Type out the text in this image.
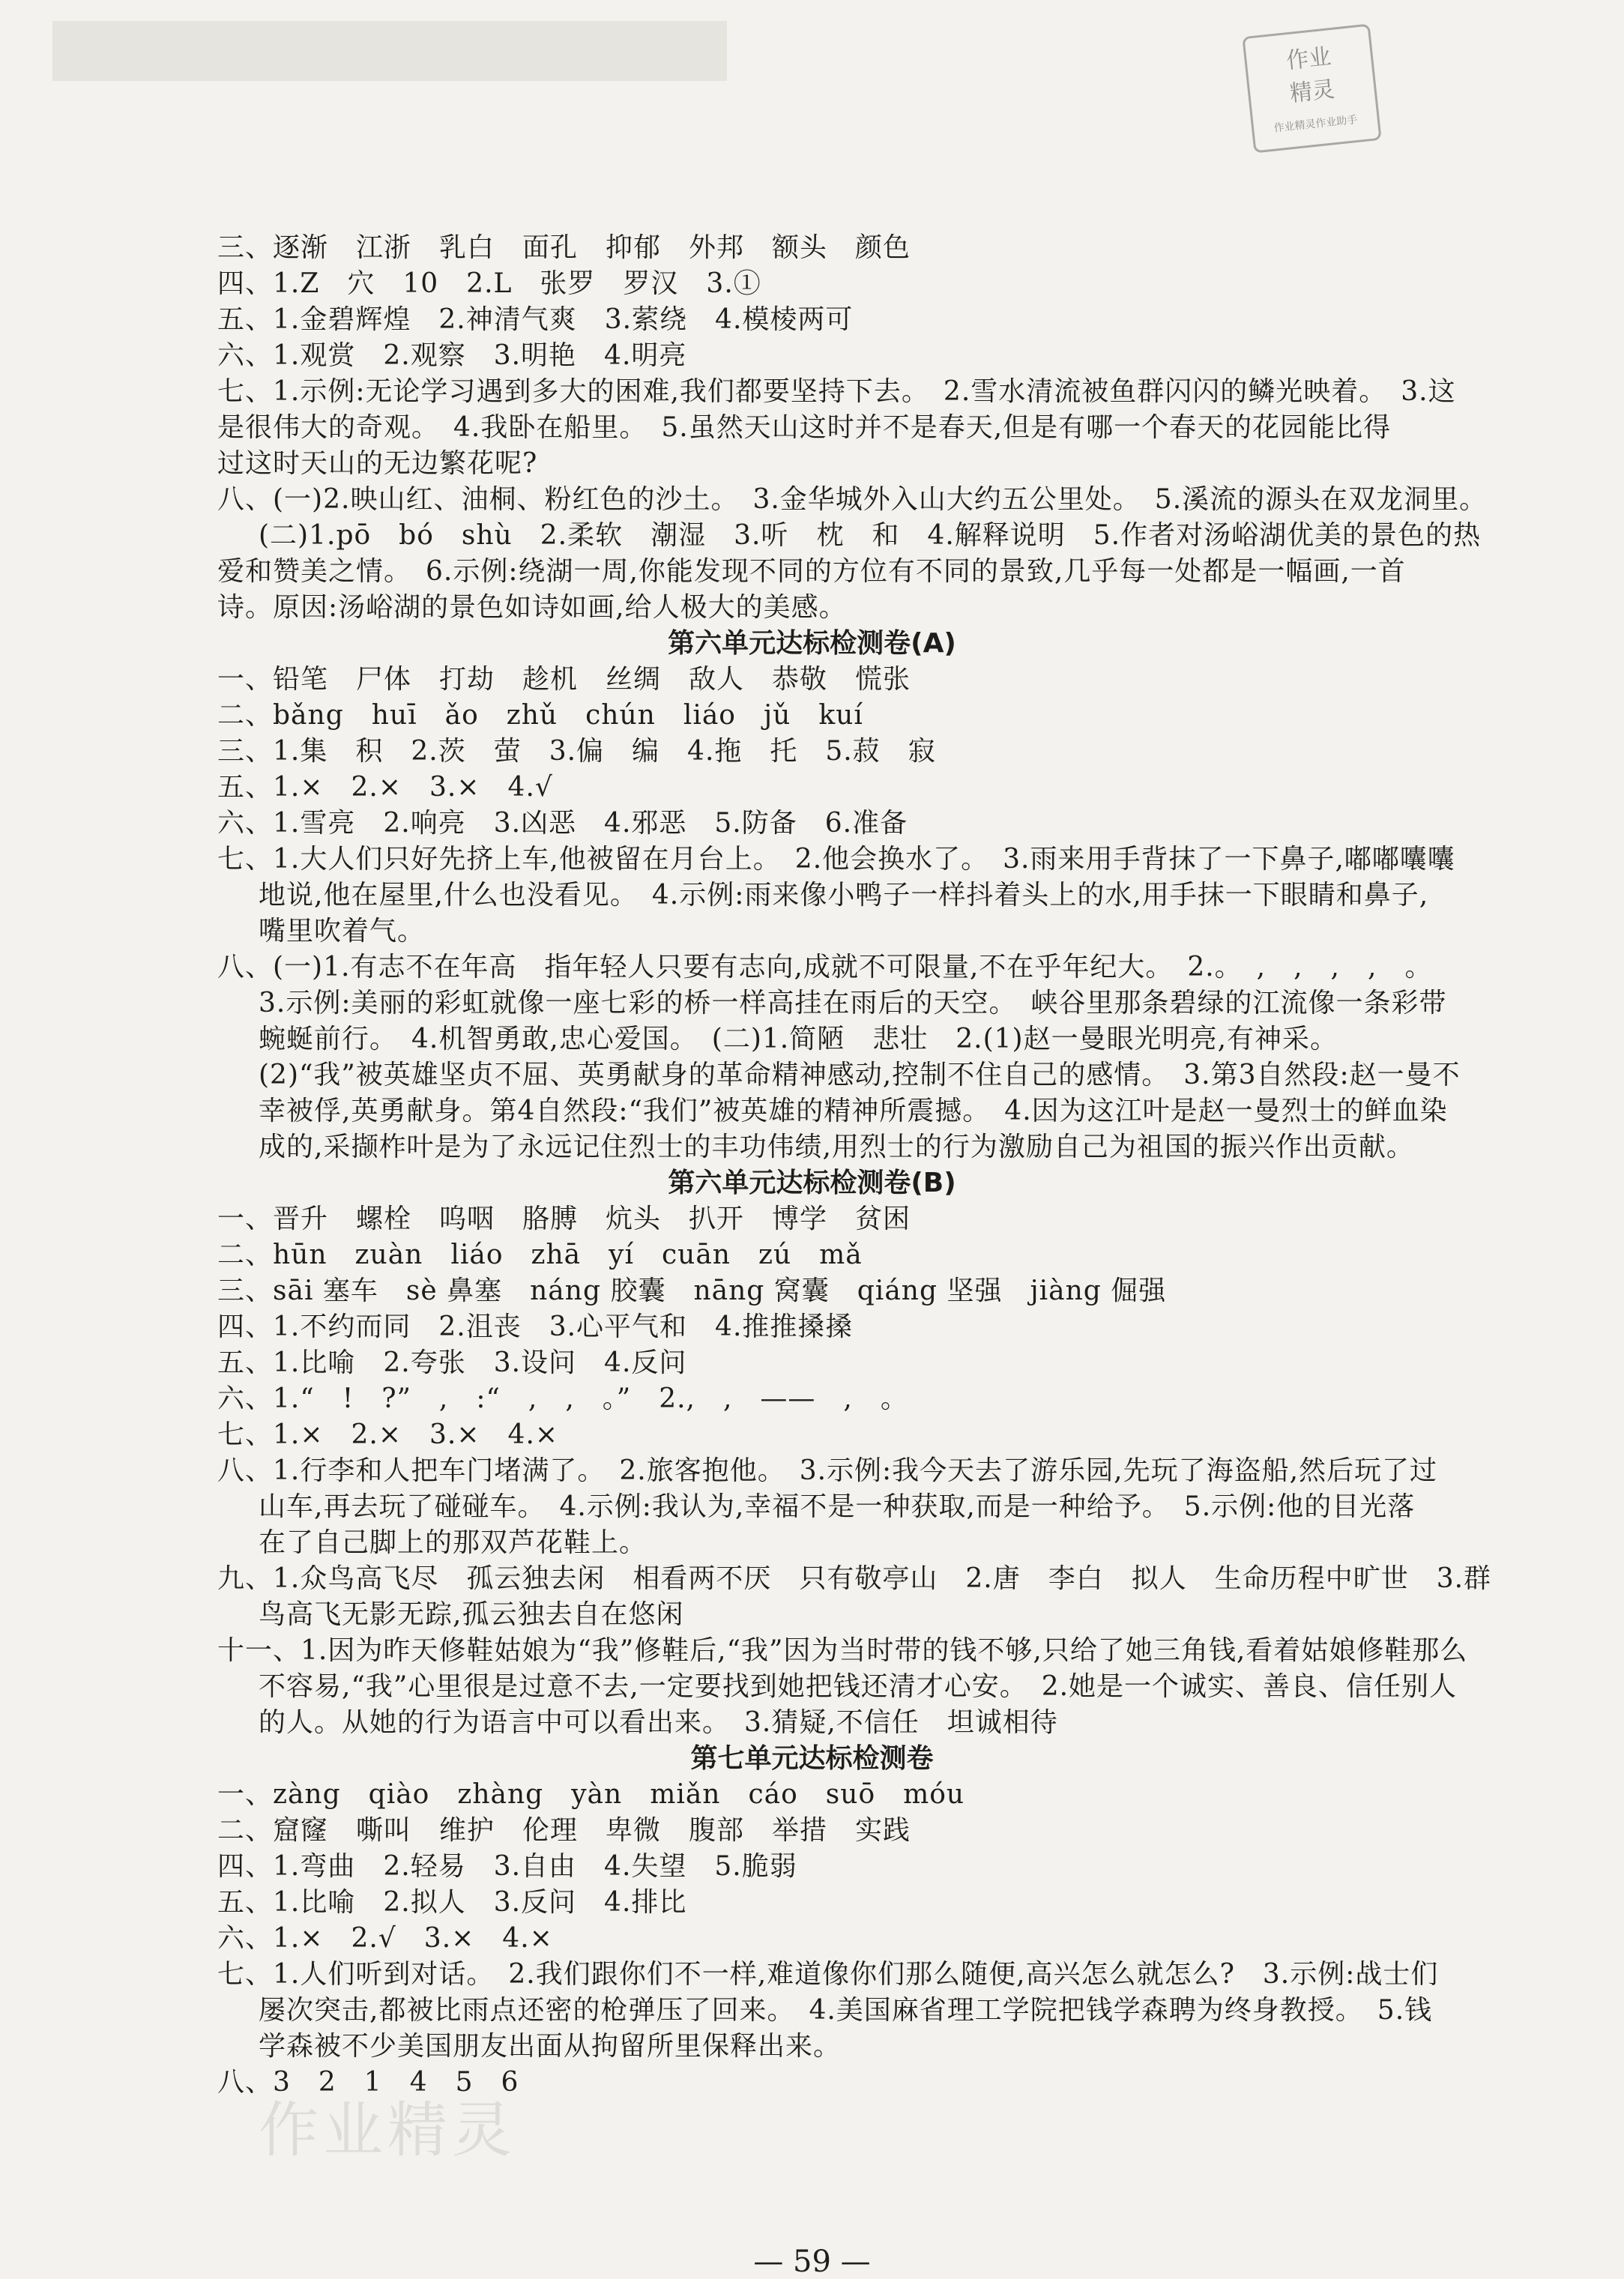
作业
精灵
作业精灵作业助手
三、逐渐　江浙　乳白　面孔　抑郁　外邦　额头　颜色
四、1.Z　穴　10　2.L　张罗　罗汉　3.①
五、1.金碧辉煌　2.神清气爽　3.萦绕　4.模棱两可
六、1.观赏　2.观察　3.明艳　4.明亮
七、1.示例:无论学习遇到多大的困难,我们都要坚持下去。　2.雪水清流被鱼群闪闪的鳞光映着。　3.这
是很伟大的奇观。　4.我卧在船里。　5.虽然天山这时并不是春天,但是有哪一个春天的花园能比得
过这时天山的无边繁花呢?
八、(一)2.映山红、油桐、粉红色的沙土。　3.金华城外入山大约五公里处。　5.溪流的源头在双龙洞里。
(二)1.pō　bó　shù　2.柔软　潮湿　3.听　枕　和　4.解释说明　5.作者对汤峪湖优美的景色的热
爱和赞美之情。　6.示例:绕湖一周,你能发现不同的方位有不同的景致,几乎每一处都是一幅画,一首
诗。原因:汤峪湖的景色如诗如画,给人极大的美感。
第六单元达标检测卷(A)
一、铅笔　尸体　打劫　趁机　丝绸　敌人　恭敬　慌张
二、bǎng　huī　ǎo　zhǔ　chún　liáo　jǔ　kuí
三、1.集　积　2.茨　萤　3.偏　编　4.拖　托　5.菽　寂
五、1.×　2.×　3.×　4.√
六、1.雪亮　2.响亮　3.凶恶　4.邪恶　5.防备　6.准备
七、1.大人们只好先挤上车,他被留在月台上。　2.他会换水了。　3.雨来用手背抹了一下鼻子,嘟嘟囔囔
地说,他在屋里,什么也没看见。　4.示例:雨来像小鸭子一样抖着头上的水,用手抹一下眼睛和鼻子,
嘴里吹着气。
八、(一)1.有志不在年高　指年轻人只要有志向,成就不可限量,不在乎年纪大。　2.。　,　,　,　,　。
3.示例:美丽的彩虹就像一座七彩的桥一样高挂在雨后的天空。　峡谷里那条碧绿的江流像一条彩带
蜿蜒前行。　4.机智勇敢,忠心爱国。　(二)1.简陋　悲壮　2.(1)赵一曼眼光明亮,有神采。
(2)“我”被英雄坚贞不屈、英勇献身的革命精神感动,控制不住自己的感情。　3.第3自然段:赵一曼不
幸被俘,英勇献身。第4自然段:“我们”被英雄的精神所震撼。　4.因为这江叶是赵一曼烈士的鲜血染
成的,采撷柞叶是为了永远记住烈士的丰功伟绩,用烈士的行为激励自己为祖国的振兴作出贡献。
第六单元达标检测卷(B)
一、晋升　螺栓　呜咽　胳膊　炕头　扒开　博学　贫困
二、hūn　zuàn　liáo　zhā　yí　cuān　zú　mǎ
三、sāi 塞车　sè 鼻塞　náng 胶囊　nāng 窝囊　qiáng 坚强　jiàng 倔强
四、1.不约而同　2.沮丧　3.心平气和　4.推推搡搡
五、1.比喻　2.夸张　3.设问　4.反问
六、1.“　!　?”　,　:“　,　,　。”　2.,　,　——　,　。
七、1.×　2.×　3.×　4.×
八、1.行李和人把车门堵满了。　2.旅客抱他。　3.示例:我今天去了游乐园,先玩了海盗船,然后玩了过
山车,再去玩了碰碰车。　4.示例:我认为,幸福不是一种获取,而是一种给予。　5.示例:他的目光落
在了自己脚上的那双芦花鞋上。
九、1.众鸟高飞尽　孤云独去闲　相看两不厌　只有敬亭山　2.唐　李白　拟人　生命历程中旷世　3.群
鸟高飞无影无踪,孤云独去自在悠闲
十一、1.因为昨天修鞋姑娘为“我”修鞋后,“我”因为当时带的钱不够,只给了她三角钱,看着姑娘修鞋那么
不容易,“我”心里很是过意不去,一定要找到她把钱还清才心安。　2.她是一个诚实、善良、信任别人
的人。从她的行为语言中可以看出来。　3.猜疑,不信任　坦诚相待
第七单元达标检测卷
一、zàng　qiào　zhàng　yàn　miǎn　cáo　suō　móu
二、窟窿　嘶叫　维护　伦理　卑微　腹部　举措　实践
四、1.弯曲　2.轻易　3.自由　4.失望　5.脆弱
五、1.比喻　2.拟人　3.反问　4.排比
六、1.×　2.√　3.×　4.×
七、1.人们听到对话。　2.我们跟你们不一样,难道像你们那么随便,高兴怎么就怎么?　3.示例:战士们
屡次突击,都被比雨点还密的枪弹压了回来。　4.美国麻省理工学院把钱学森聘为终身教授。　5.钱
学森被不少美国朋友出面从拘留所里保释出来。
八、3　2　1　4　5　6
作业精灵
— 59 —
